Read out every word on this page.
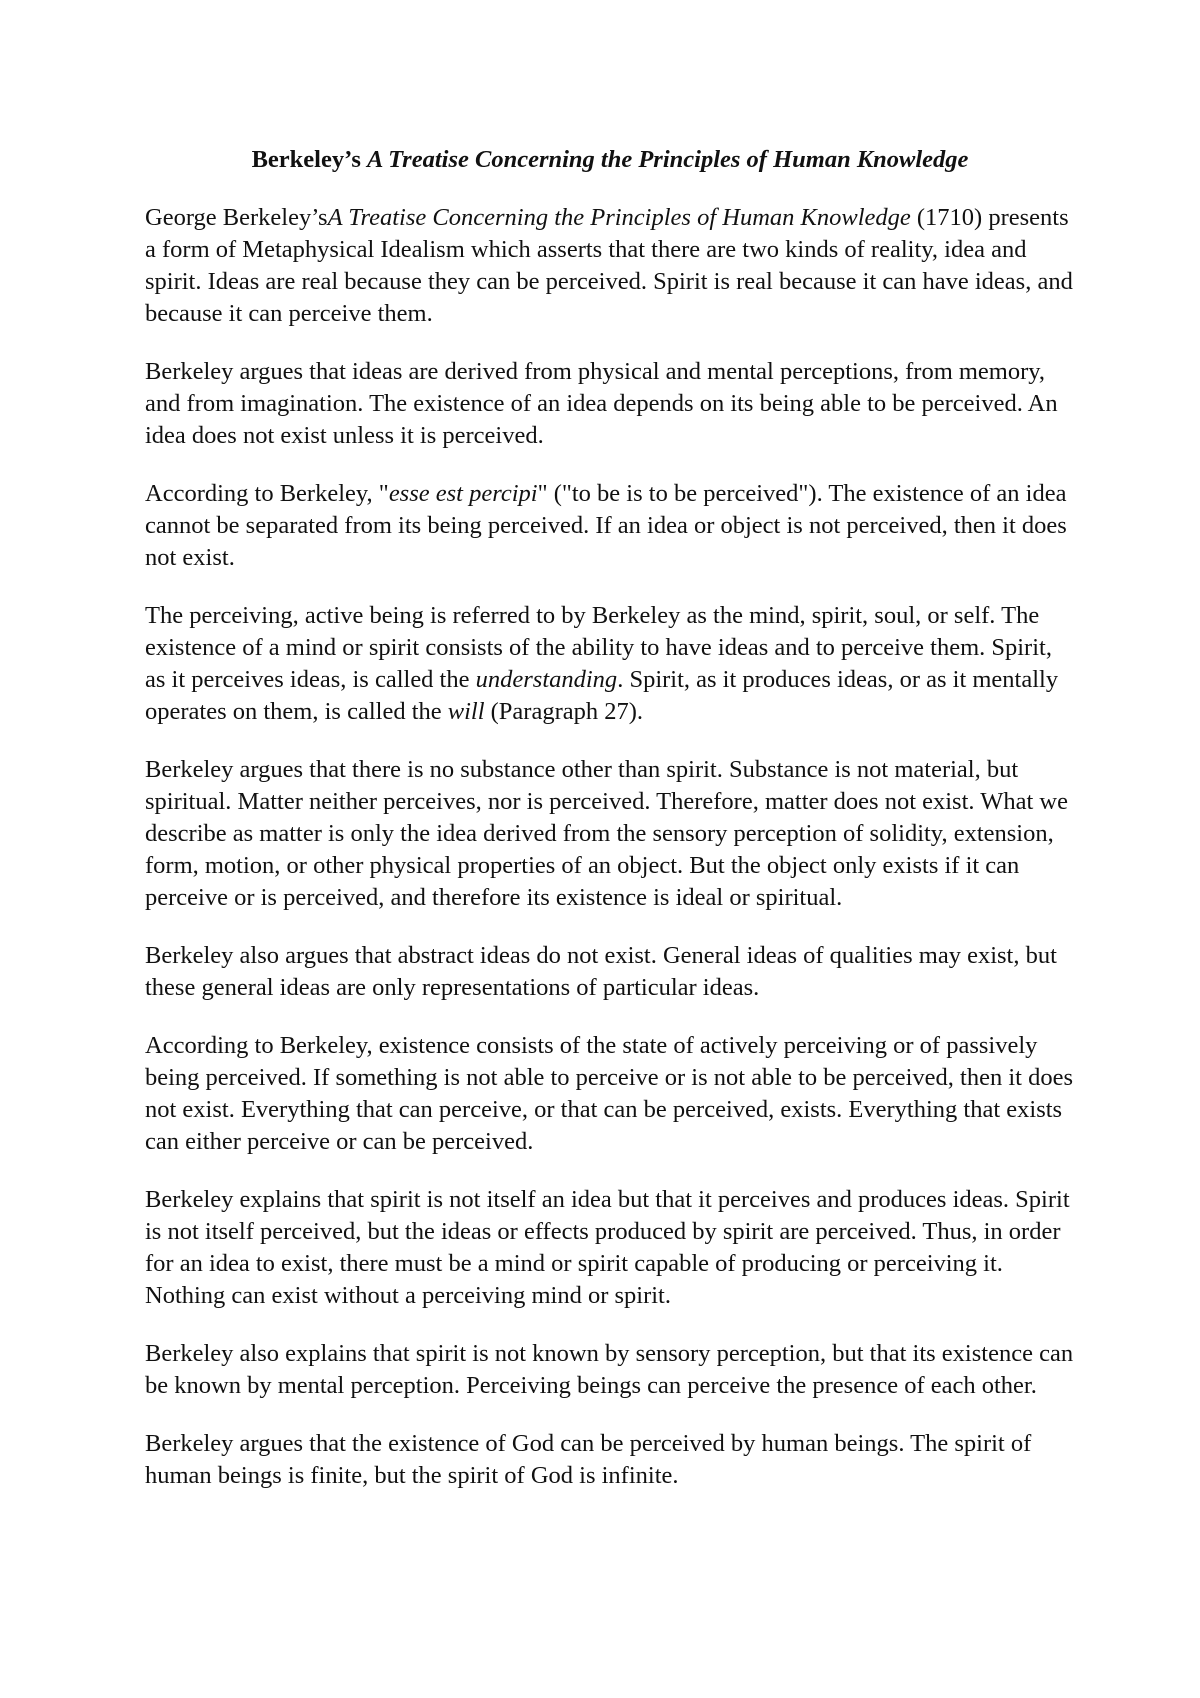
Berkeley’s A Treatise Concerning the Principles of Human Knowledge

George Berkeley’sA Treatise Concerning the Principles of Human Knowledge (1710) presents a form of Metaphysical Idealism which asserts that there are two kinds of reality, idea and spirit. Ideas are real because they can be perceived. Spirit is real because it can have ideas, and because it can perceive them.

Berkeley argues that ideas are derived from physical and mental perceptions, from memory, and from imagination. The existence of an idea depends on its being able to be perceived. An idea does not exist unless it is perceived.

According to Berkeley, "esse est percipi" ("to be is to be perceived"). The existence of an idea cannot be separated from its being perceived. If an idea or object is not perceived, then it does not exist.

The perceiving, active being is referred to by Berkeley as the mind, spirit, soul, or self. The existence of a mind or spirit consists of the ability to have ideas and to perceive them. Spirit, as it perceives ideas, is called the understanding. Spirit, as it produces ideas, or as it mentally operates on them, is called the will (Paragraph 27).

Berkeley argues that there is no substance other than spirit. Substance is not material, but spiritual. Matter neither perceives, nor is perceived. Therefore, matter does not exist. What we describe as matter is only the idea derived from the sensory perception of solidity, extension, form, motion, or other physical properties of an object. But the object only exists if it can perceive or is perceived, and therefore its existence is ideal or spiritual.

Berkeley also argues that abstract ideas do not exist. General ideas of qualities may exist, but these general ideas are only representations of particular ideas.

According to Berkeley, existence consists of the state of actively perceiving or of passively being perceived. If something is not able to perceive or is not able to be perceived, then it does not exist. Everything that can perceive, or that can be perceived, exists. Everything that exists can either perceive or can be perceived.

Berkeley explains that spirit is not itself an idea but that it perceives and produces ideas. Spirit is not itself perceived, but the ideas or effects produced by spirit are perceived. Thus, in order for an idea to exist, there must be a mind or spirit capable of producing or perceiving it. Nothing can exist without a perceiving mind or spirit.

Berkeley also explains that spirit is not known by sensory perception, but that its existence can be known by mental perception. Perceiving beings can perceive the presence of each other.

Berkeley argues that the existence of God can be perceived by human beings. The spirit of human beings is finite, but the spirit of God is infinite.
